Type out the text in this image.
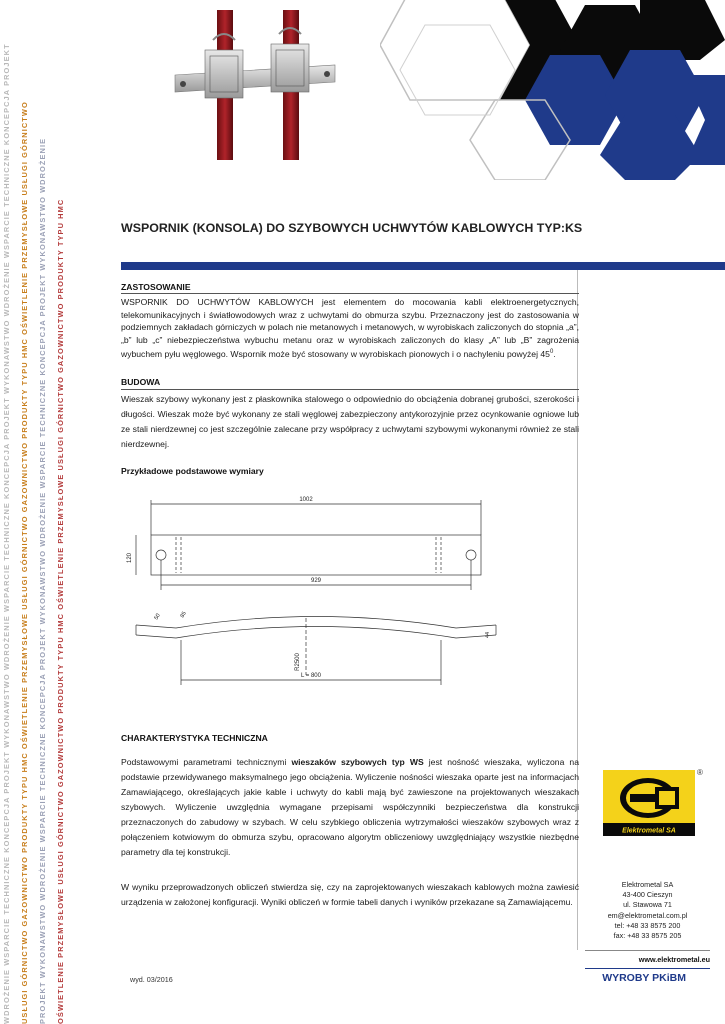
WDROŻENIE WSPARCIE TECHNICZNE KONCEPCJA PROJEKT WYKONAWSTWO WDROŻENIE WSPARCIE TECHNICZNE KONCEPCJA PROJEKT WYKONAWSTWO WDROŻENIE WSPARCIE TECHNICZNE KONCEPCJA PROJEKT USŁUGI GÓRNICTWO GAZOWNICTWO PRODUKTY TYPU HMC OŚWIETLENIE PRZEMYSŁOWE USŁUGI GÓRNICTWO GAZOWNICTWO PRODUKTY TYPU HMC OŚWIETLENIE PRZEMYSŁOWE USŁUGI GÓRNICTWO PROJEKT WYKONAWSTWO WDROŻENIE WSPARCIE TECHNICZNE KONCEPCJA PROJEKT WYKONAWSTWO WDROŻENIE WSPARCIE TECHNICZNE KONCEPCJA PROJEKT WYKONAWSTWO WDROŻENIE OŚWIETLENIE PRZEMYSŁOWE USŁUGI GÓRNICTWO GAZOWNICTWO PRODUKTY TYPU HMC OŚWIETLENIE PRZEMYSŁOWE USŁUGI GÓRNICTWO GAZOWNICTWO PRODUKTY TYPU HMC	WSPORNIK (KONSOLA) DO SZYBOWYCH UCHWYTÓW KABLOWYCH TYP:KS
ZASTOSOWANIE
WSPORNIK DO UCHWYTÓW KABLOWYCH jest elementem do mocowania kabli elektroenergetycznych, telekomunikacyjnych i światłowodowych wraz z uchwytami do obmurza szybu. Przeznaczony jest do zastosowania w podziemnych zakładach górniczych w polach nie metanowych i metanowych, w wyrobiskach zaliczonych do stopnia „a”, „b” lub „c” niebezpieczeństwa wybuchu metanu oraz w wyrobiskach zaliczonych do klasy „A” lub „B” zagrożenia wybuchem pyłu węglowego. Wspornik może być stosowany w wyrobiskach pionowych i o nachyleniu powyżej $45^0$.
BUDOWA
Wieszak szybowy wykonany jest z płaskownika stalowego o odpowiednio do obciążenia dobranej grubości, szerokości i długości. Wieszak może być wykonany ze stali węglowej zabezpieczony antykorozyjnie przez ocynkowanie ogniowe lub ze stali nierdzewnej co jest szczególnie zalecane przy współpracy z uchwytami szybowymi wykonanymi również ze stali nierdzewnej.
Przykładowe podstawowe wymiary
1002
929
120
R2500
L = 800
50	85
44
CHARAKTERYSTYKA TECHNICZNA
Podstawowymi parametrami technicznymi wieszaków szybowych typ WS jest nośność wieszaka, wyliczona na podstawie przewidywanego maksymalnego jego obciążenia. Wyliczenie nośności wieszaka oparte jest na informacjach Zamawiającego, określających jakie kable i uchwyty do kabli mają być zawieszone na projektowanych wieszakach szybowych. Wyliczenie uwzględnia wymagane przepisami współczynniki bezpieczeństwa dla konstrukcji przeznaczonych do zabudowy w szybach. W celu szybkiego obliczenia wytrzymałości wieszaków szybowych wraz z połączeniem kotwiowym do obmurza szybu, opracowano algorytm obliczeniowy uwzględniający wszystkie niezbędne parametry dla tej konstrukcji.
W wyniku przeprowadzonych obliczeń stwierdza się, czy na zaprojektowanych wieszakach kablowych można zawiesić urządzenia w założonej konfiguracji. Wyniki obliczeń w formie tabeli danych i wyników przekazane są Zamawiającemu.
Elektrometal SA
®
Elektrometal SA
43-400 Cieszyn
ul. Stawowa 71
em@elektrometal.com.pl
tel: +48 33 8575 200
fax: +48 33 8575 205
www.elektrometal.eu
WYROBY PKiBM
wyd. 03/2016
